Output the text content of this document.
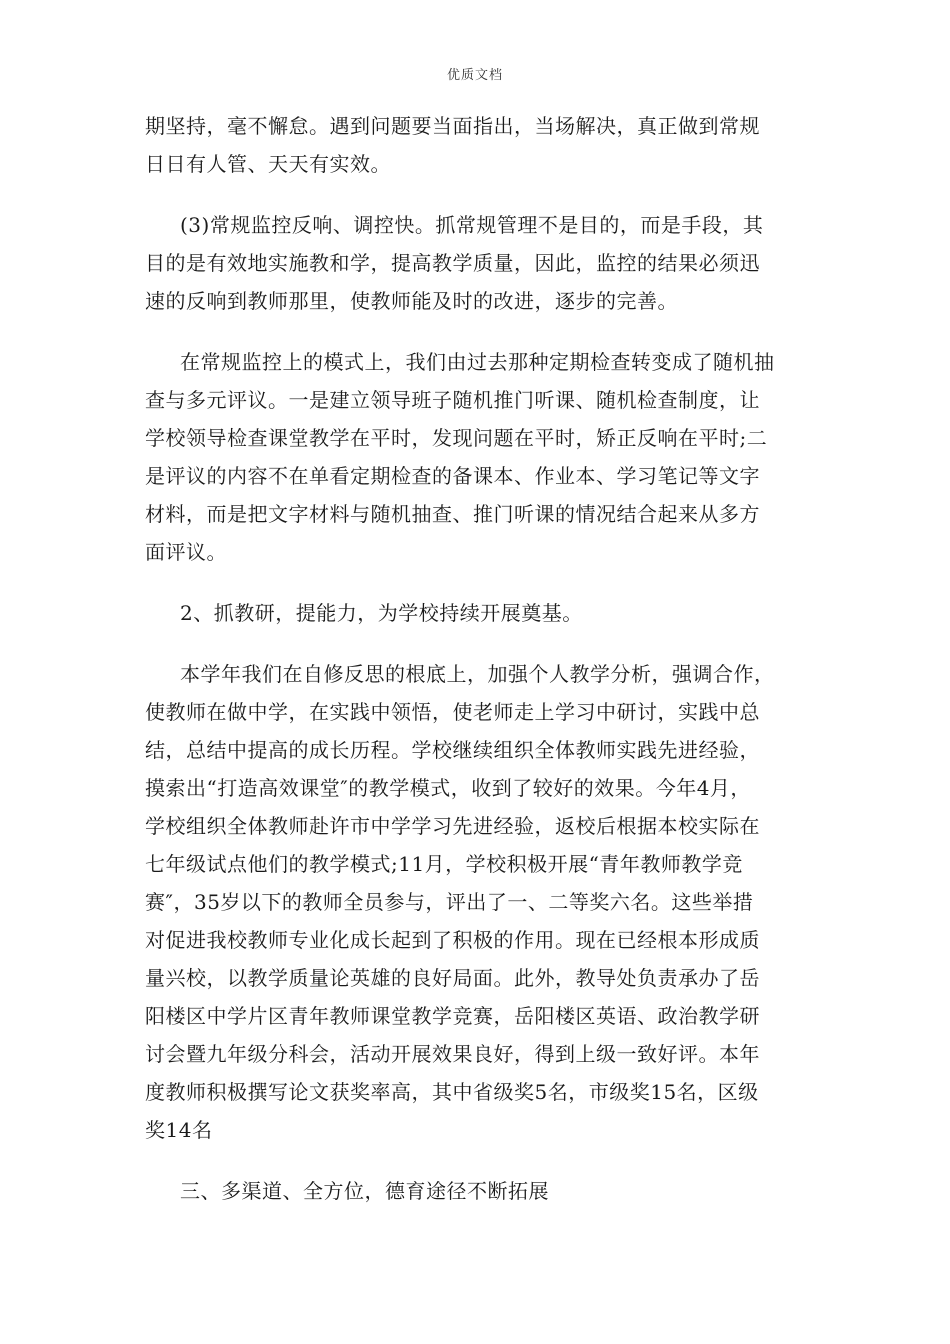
优质文档
期坚持，毫不懈怠。遇到问题要当面指出，当场解决，真正做到常规
日日有人管、天天有实效。
(3)常规监控反响、调控快。抓常规管理不是目的，而是手段，其
目的是有效地实施教和学，提高教学质量，因此，监控的结果必须迅
速的反响到教师那里，使教师能及时的改进，逐步的完善。
在常规监控上的模式上，我们由过去那种定期检查转变成了随机抽
查与多元评议。一是建立领导班子随机推门听课、随机检查制度，让
学校领导检查课堂教学在平时，发现问题在平时，矫正反响在平时;二
是评议的内容不在单看定期检查的备课本、作业本、学习笔记等文字
材料，而是把文字材料与随机抽查、推门听课的情况结合起来从多方
面评议。
2、抓教研，提能力，为学校持续开展奠基。
本学年我们在自修反思的根底上，加强个人教学分析，强调合作，
使教师在做中学，在实践中领悟，使老师走上学习中研讨，实践中总
结，总结中提高的成长历程。学校继续组织全体教师实践先进经验，
摸索出“打造高效课堂″的教学模式，收到了较好的效果。今年4月，
学校组织全体教师赴许市中学学习先进经验，返校后根据本校实际在
七年级试点他们的教学模式;11月，学校积极开展“青年教师教学竞
赛″，35岁以下的教师全员参与，评出了一、二等奖六名。这些举措
对促进我校教师专业化成长起到了积极的作用。现在已经根本形成质
量兴校，以教学质量论英雄的良好局面。此外，教导处负责承办了岳
阳楼区中学片区青年教师课堂教学竞赛，岳阳楼区英语、政治教学研
讨会暨九年级分科会，活动开展效果良好，得到上级一致好评。本年
度教师积极撰写论文获奖率高，其中省级奖5名，市级奖15名，区级
奖14名
三、多渠道、全方位，德育途径不断拓展
